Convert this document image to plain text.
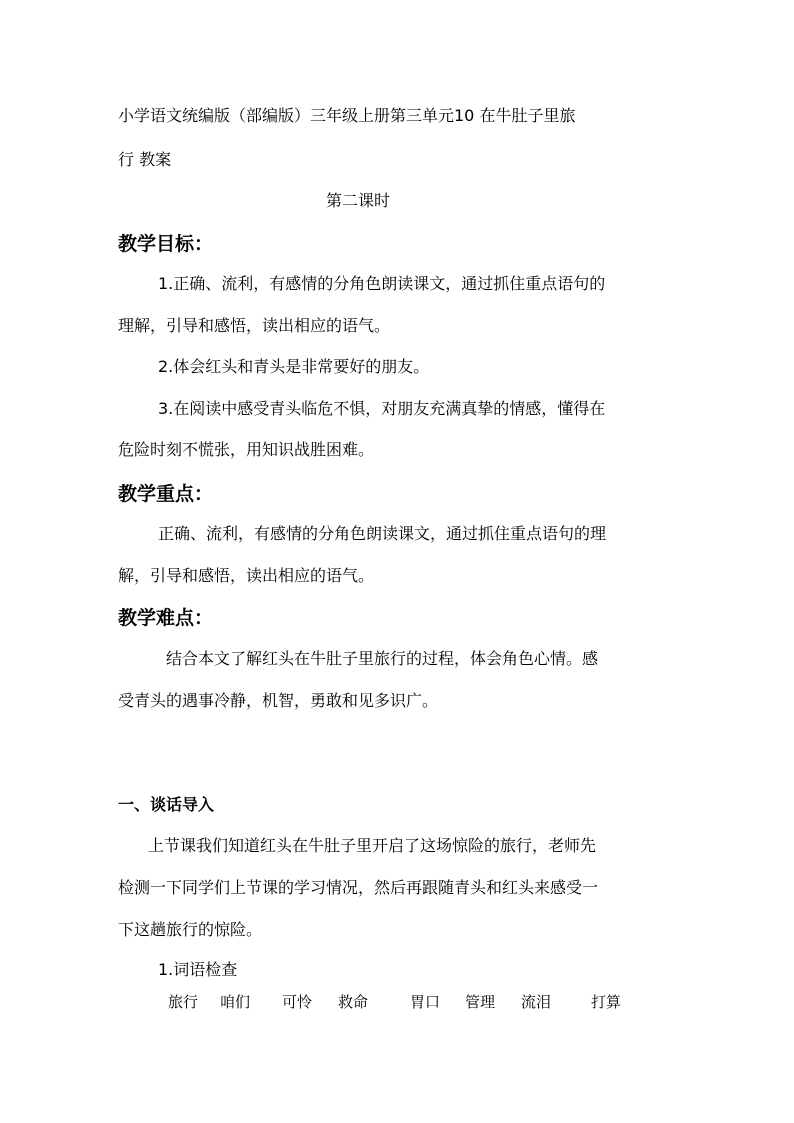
小学语文统编版（部编版）三年级上册第三单元10 在牛肚子里旅
行 教案
第二课时
教学目标：
1.正确、流利，有感情的分角色朗读课文，通过抓住重点语句的
理解，引导和感悟，读出相应的语气。
2.体会红头和青头是非常要好的朋友。
3.在阅读中感受青头临危不惧，对朋友充满真挚的情感，懂得在
危险时刻不慌张，用知识战胜困难。
教学重点：
正确、流利，有感情的分角色朗读课文，通过抓住重点语句的理
解，引导和感悟，读出相应的语气。
教学难点：
结合本文了解红头在牛肚子里旅行的过程，体会角色心情。感
受青头的遇事冷静，机智，勇敢和见多识广。
一、谈话导入
上节课我们知道红头在牛肚子里开启了这场惊险的旅行，老师先
检测一下同学们上节课的学习情况，然后再跟随青头和红头来感受一
下这趟旅行的惊险。
1.词语检查
旅行 咱们 可怜 救命	胃口 管理 流泪	打算
